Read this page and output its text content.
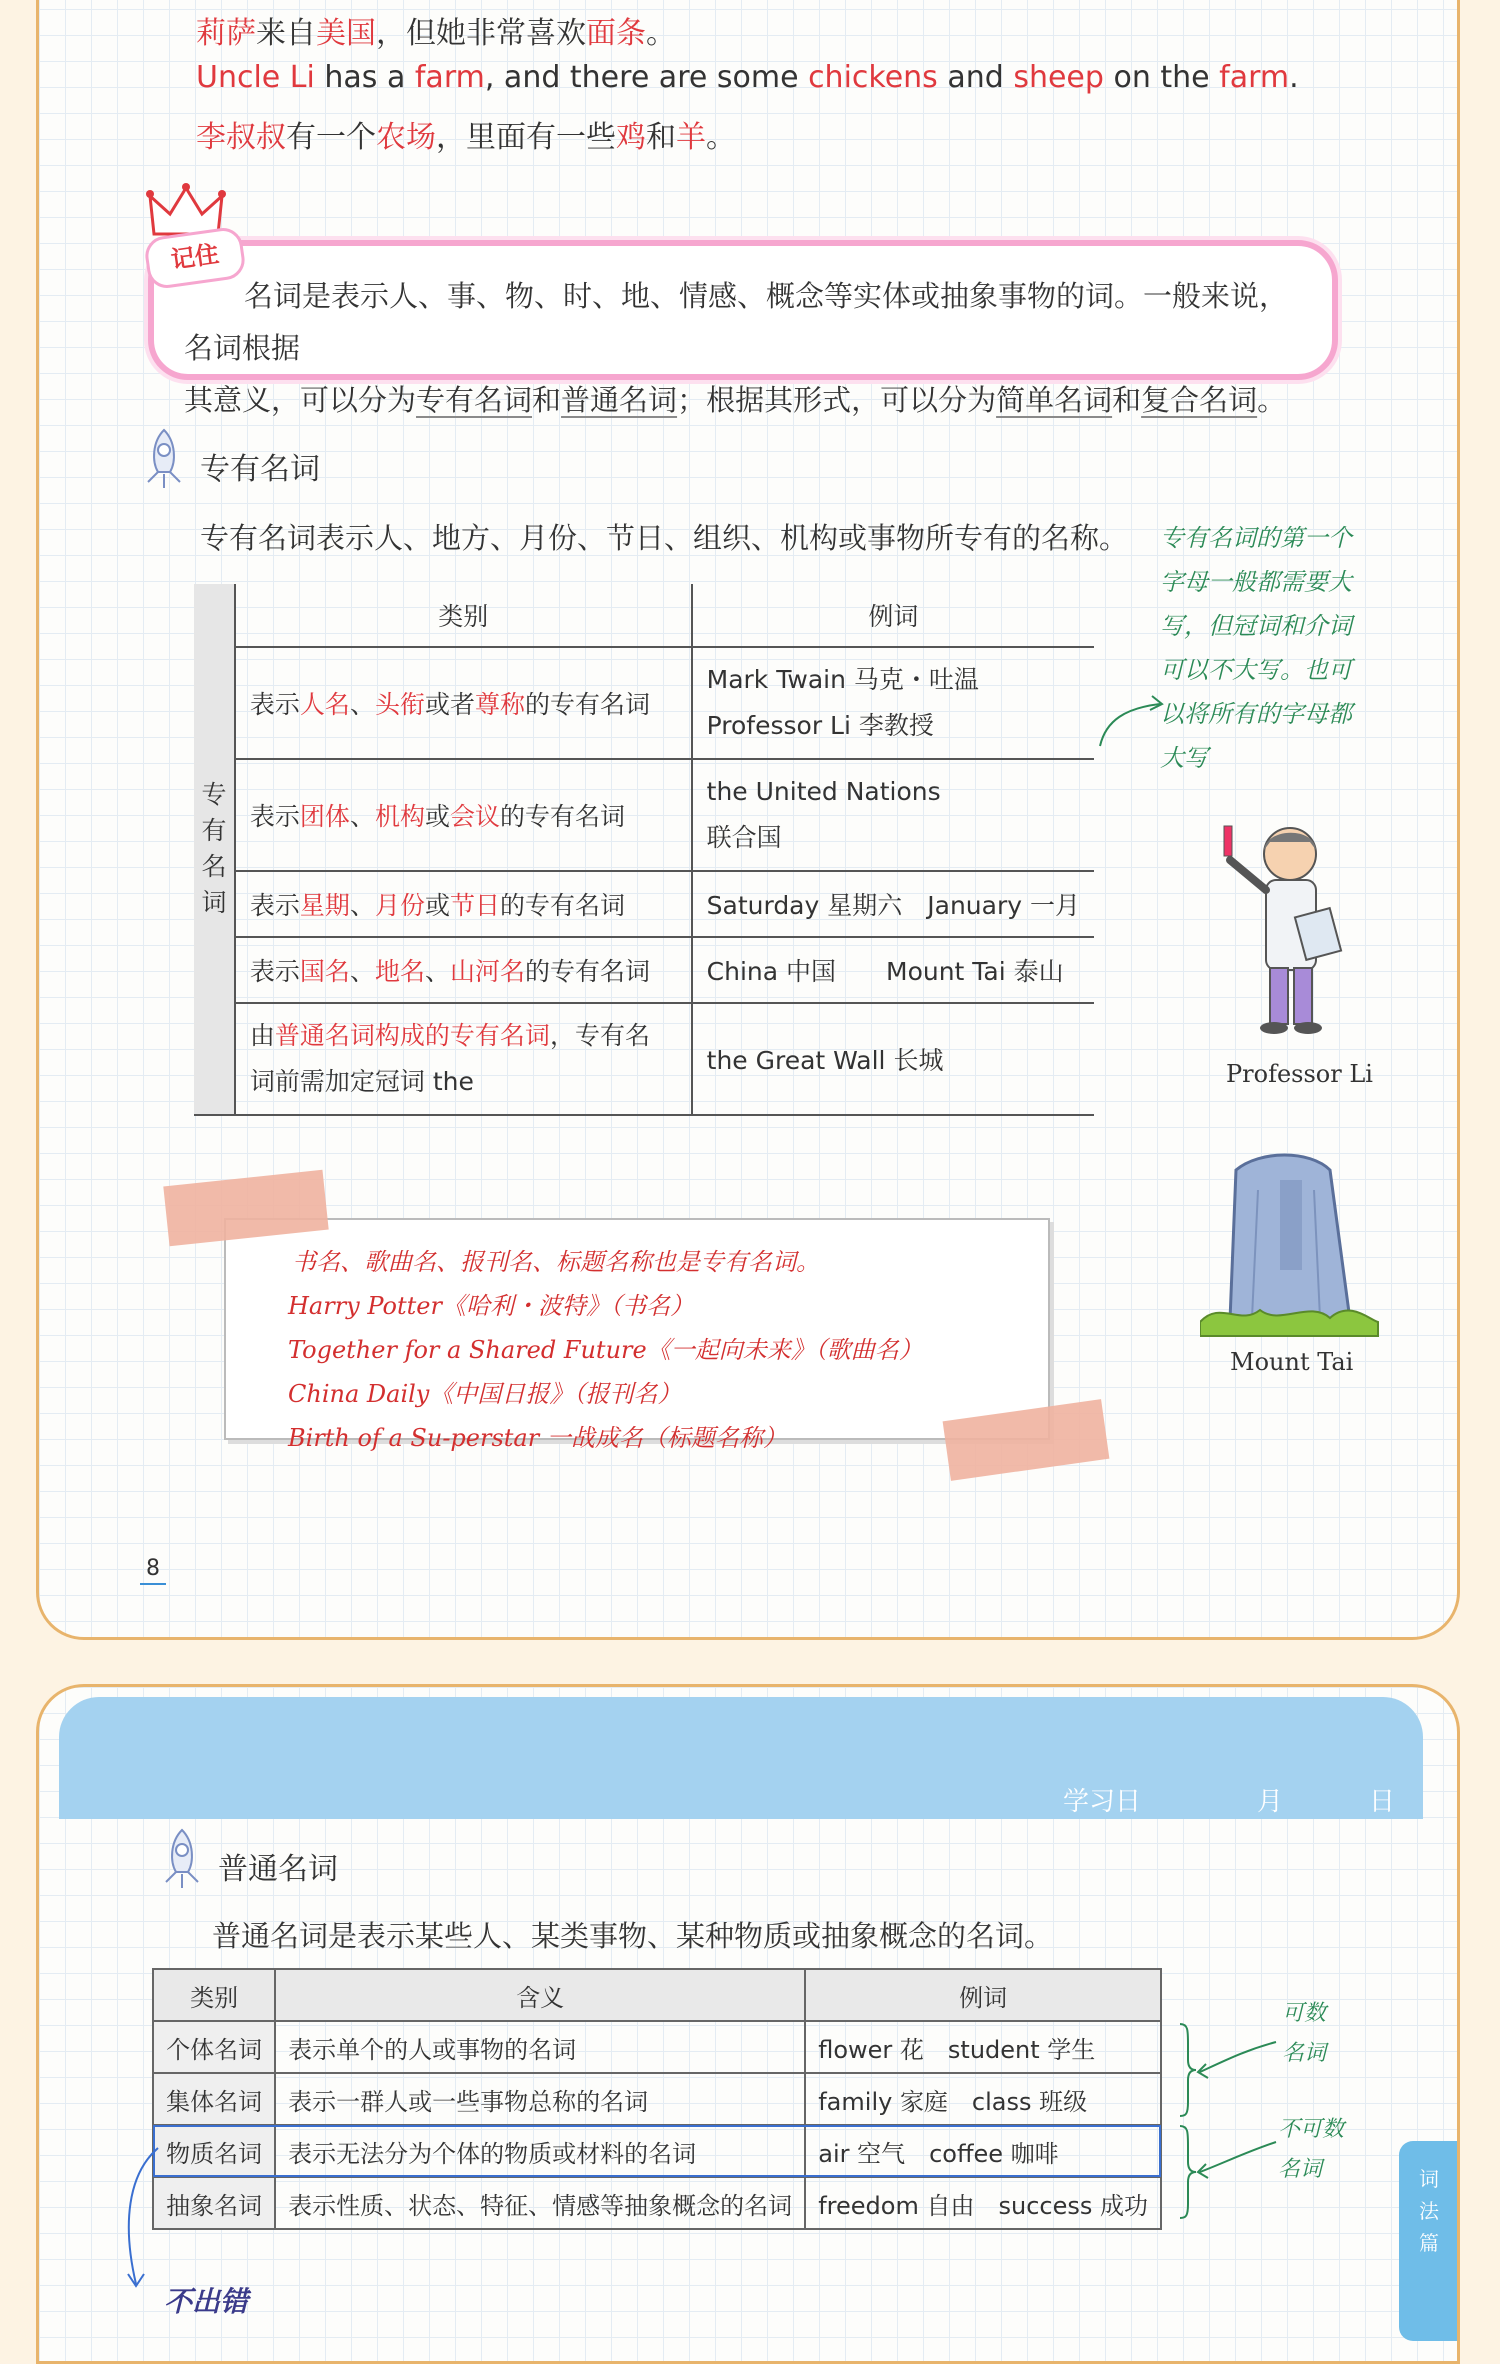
莉萨来自美国，但她非常喜欢面条。
Uncle Li has a farm, and there are some chickens and sheep on the farm.
李叔叔有一个农场，里面有一些鸡和羊。

名词是表示人、事、物、时、地、情感、概念等实体或抽象事物的词。一般来说，名词根据
其意义，可以分为专有名词和普通名词；根据其形式，可以分为简单名词和复合名词。

记住
专有名词
专有名词表示人、地方、月份、节日、组织、机构或事物所专有的名称。
专有名词	类别	例词
	表示人名、头衔或者尊称的专有名词	Mark Twain 马克・吐温
Professor Li 李教授

	表示团体、机构或会议的专有名词	the United Nations
联合国

	表示星期、月份或节日的专有名词	Saturday 星期六　January 一月
	表示国名、地名、山河名的专有名词	China 中国　　Mount Tai 泰山
	由普通名词构成的专有名词，专有名
词前需加定冠词 the	the Great Wall 长城
专有名词的第一个
字母一般都需要大
写，但冠词和介词
可以不大写。也可
以将所有的字母都
大写
Professor Li
Mount Tai
书名、歌曲名、报刊名、标题名称也是专有名词。
Harry Potter《哈利・波特》（书名）
Together for a Shared Future《一起向未来》（歌曲名）
China Daily《中国日报》（报刊名）
Birth of a Su-perstar 一战成名（标题名称）
8
学习日	月	日
词
法
篇
普通名词
普通名词是表示某些人、某类事物、某种物质或抽象概念的名词。
类别	含义	例词
个体名词	表示单个的人或事物的名词	flower 花　student 学生
集体名词	表示一群人或一些事物总称的名词	family 家庭　class 班级
物质名词	表示无法分为个体的物质或材料的名词	air 空气　coffee 咖啡
抽象名词	表示性质、状态、特征、情感等抽象概念的名词	freedom 自由　success 成功
可数
名词
不可数
名词
不出错
